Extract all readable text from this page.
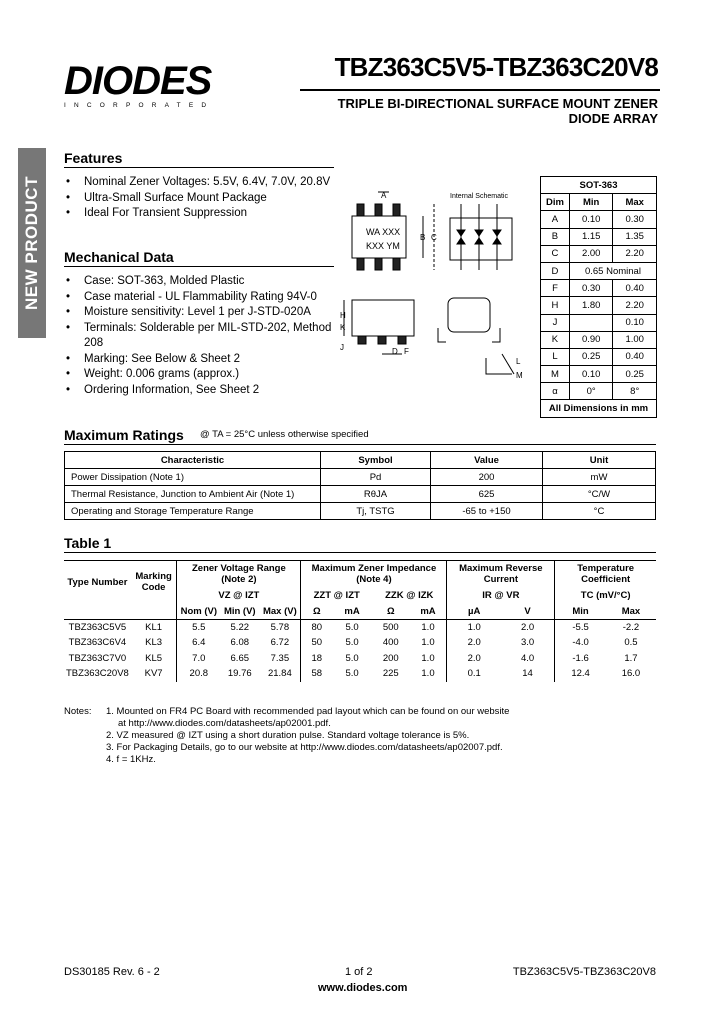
DIODES
INCORPORATED
TBZ363C5V5-TBZ363C20V8
TRIPLE BI-DIRECTIONAL SURFACE MOUNT ZENER
DIODE ARRAY
NEW PRODUCT
Features
• Nominal Zener Voltages: 5.5V, 6.4V, 7.0V, 20.8V
• Ultra-Small Surface Mount Package
• Ideal For Transient Suppression
Mechanical Data
• Case: SOT-363, Molded Plastic
• Case material - UL Flammability Rating 94V-0
• Moisture sensitivity: Level 1 per J-STD-020A
• Terminals: Solderable per MIL-STD-202, Method 208
• Marking: See Below & Sheet 2
• Weight: 0.006 grams (approx.)
• Ordering Information, See Sheet 2
WA XXX
KXX YM
A
B C
Internal Schematic
H
K
J	D F
L
M
SOT-363		
Dim	Min	Max
A	0.10	0.30
B	1.15	1.35
C	2.00	2.20
D	0.65 Nominal	
F	0.30	0.40
H	1.80	2.20
J		0.10
K	0.90	1.00
L	0.25	0.40
M	0.10	0.25
α	0°	8°
All Dimensions in mm		
Maximum Ratings @ TA = 25°C unless otherwise specified
Characteristic	Symbol	Value	Unit
Power Dissipation (Note 1)	Pd	200	mW
Thermal Resistance, Junction to Ambient Air (Note 1)	RθJA	625	°C/W
Operating and Storage Temperature Range	Tj, TSTG	-65 to +150	°C
Table 1
Type Number	Marking Code	Zener Voltage Range (Note 2)			Maximum Zener Impedance (Note 4)				Maximum Reverse Current		Temperature Coefficient	
		VZ @ IZT			ZZT @ IZT		ZZK @ IZK		IR @ VR		TC (mV/°C)	
		Nom (V)	Min (V)	Max (V)	Ω	mA	Ω	mA	µA	V	Min	Max
TBZ363C5V5	KL1	5.5	5.22	5.78	80	5.0	500	1.0	1.0	2.0	-5.5	-2.2
TBZ363C6V4	KL3	6.4	6.08	6.72	50	5.0	400	1.0	2.0	3.0	-4.0	0.5
TBZ363C7V0	KL5	7.0	6.65	7.35	18	5.0	200	1.0	2.0	4.0	-1.6	1.7
TBZ363C20V8	KV7	20.8	19.76	21.84	58	5.0	225	1.0	0.1	14	12.4	16.0
Notes: 1. Mounted on FR4 PC Board with recommended pad layout which can be found on our website
at http://www.diodes.com/datasheets/ap02001.pdf.
2. VZ measured @ IZT using a short duration pulse. Standard voltage tolerance is 5%.
3. For Packaging Details, go to our website at http://www.diodes.com/datasheets/ap02007.pdf.
4. f = 1KHz.
DS30185 Rev. 6 - 2	1 of 2	TBZ363C5V5-TBZ363C20V8
www.diodes.com
